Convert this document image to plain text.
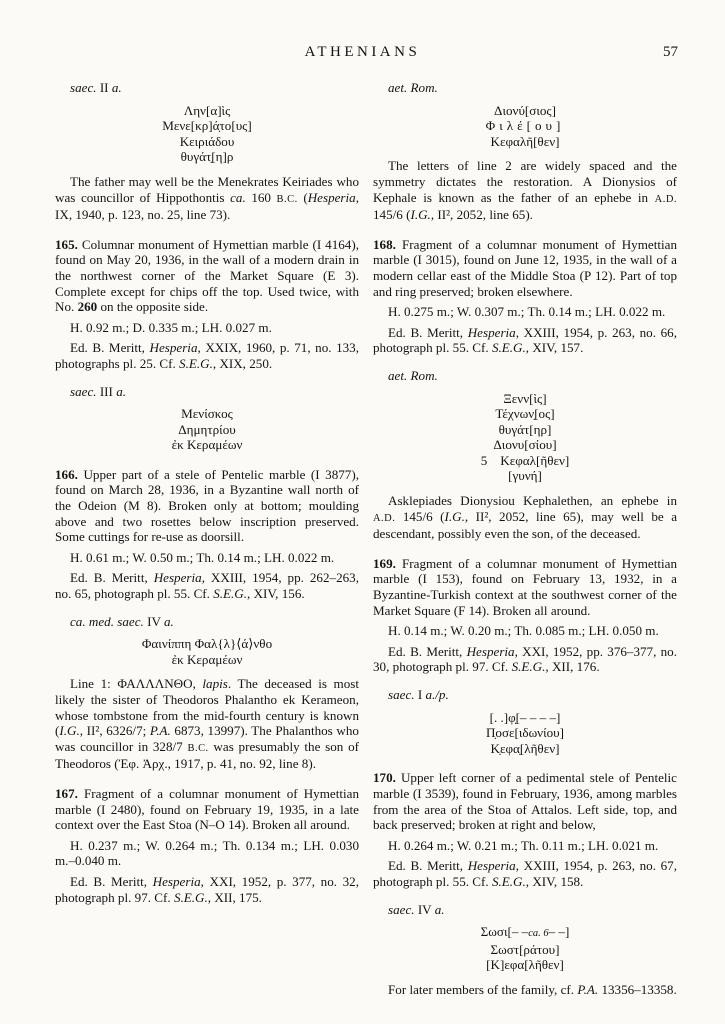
ATHENIANS	57
saec. II a.
Λην[α]ὶς
Μενε[κρ]ά̣το[υς]
Κειριάδου
θυγάτ̣[η]ρ
The father may well be the Menekrates Keiriades who was councillor of Hippothontis ca. 160 B.C. (Hesperia, IX, 1940, p. 123, no. 25, line 73).
165. Columnar monument of Hymettian marble (I 4164), found on May 20, 1936, in the wall of a modern drain in the northwest corner of the Market Square (E 3). Complete except for chips off the top. Used twice, with No. 260 on the opposite side.
H. 0.92 m.; D. 0.335 m.; LH. 0.027 m.
Ed. B. Meritt, Hesperia, XXIX, 1960, p. 71, no. 133, photographs pl. 25. Cf. S.E.G., XIX, 250.
saec. III a.
Μενίσκος
Δημητρίου
ἐκ Κεραμέων
166. Upper part of a stele of Pentelic marble (I 3877), found on March 28, 1936, in a Byzantine wall north of the Odeion (M 8). Broken only at bottom; moulding above and two rosettes below inscription preserved. Some cuttings for re-use as doorsill.
H. 0.61 m.; W. 0.50 m.; Th. 0.14 m.; LH. 0.022 m.
Ed. B. Meritt, Hesperia, XXIII, 1954, pp. 262–263, no. 65, photograph pl. 55. Cf. S.E.G., XIV, 156.
ca. med. saec. IV a.
Φαινίππη Φαλ{λ}⟨ά⟩νθο
ἐκ Κεραμέων
Line 1: ΦΑΛΛΛΝΘΟ, lapis. The deceased is most likely the sister of Theodoros Phalantho ek Kerameon, whose tombstone from the mid-fourth century is known (I.G., II², 6326/7; P.A. 6873, 13997). The Phalanthos who was councillor in 328/7 B.C. was presumably the son of Theodoros (Ἐφ. Ἀρχ., 1917, p. 41, no. 92, line 8).
167. Fragment of a columnar monument of Hymettian marble (I 2480), found on February 19, 1935, in a late context over the East Stoa (N–O 14). Broken all around.
H. 0.237 m.; W. 0.264 m.; Th. 0.134 m.; LH. 0.030 m.–0.040 m.
Ed. B. Meritt, Hesperia, XXI, 1952, p. 377, no. 32, photograph pl. 97. Cf. S.E.G., XII, 175.
aet. Rom.
Διονύ[σιος]
Φιλέ[ου]
Κεφαλῆ[θεν]
The letters of line 2 are widely spaced and the symmetry dictates the restoration. A Dionysios of Kephale is known as the father of an ephebe in A.D. 145/6 (I.G., II², 2052, line 65).
168. Fragment of a columnar monument of Hymettian marble (I 3015), found on June 12, 1935, in the wall of a modern cellar east of the Middle Stoa (P 12). Part of top and ring preserved; broken elsewhere.
H. 0.275 m.; W. 0.307 m.; Th. 0.14 m.; LH. 0.022 m.
Ed. B. Meritt, Hesperia, XXIII, 1954, p. 263, no. 66, photograph pl. 55. Cf. S.E.G., XIV, 157.
aet. Rom.
Ξενν[ὶς]
Τέχνων̣[ος]
θυγάτ[ηρ]
Διονυ[σίου]
5 Κεφαλ[ῆθεν]
[γυνή]
Asklepiades Dionysiou Kephalethen, an ephebe in A.D. 145/6 (I.G., II², 2052, line 65), may well be a descendant, possibly even the son, of the deceased.
169. Fragment of a columnar monument of Hymettian marble (I 153), found on February 13, 1932, in a Byzantine-Turkish context at the southwest corner of the Market Square (F 14). Broken all around.
H. 0.14 m.; W. 0.20 m.; Th. 0.085 m.; LH. 0.050 m.
Ed. B. Meritt, Hesperia, XXI, 1952, pp. 376–377, no. 30, photograph pl. 97. Cf. S.E.G., XII, 176.
saec. I a./p.
[. .]φ̣[– – – –]
Π̣οσε[ιδωνίου]
Κ̣εφα̣[λῆθεν]
170. Upper left corner of a pedimental stele of Pentelic marble (I 3539), found in February, 1936, among marbles from the area of the Stoa of Attalos. Left side, top, and back preserved; broken at right and below,
H. 0.264 m.; W. 0.21 m.; Th. 0.11 m.; LH. 0.021 m.
Ed. B. Meritt, Hesperia, XXIII, 1954, p. 263, no. 67, photograph pl. 55. Cf. S.E.G., XIV, 158.
saec. IV a.
Σωσι[– –ca. 6– –]
Σωστ[ράτου]
[Κ]εφα[λῆθεν]
For later members of the family, cf. P.A. 13356–13358.
